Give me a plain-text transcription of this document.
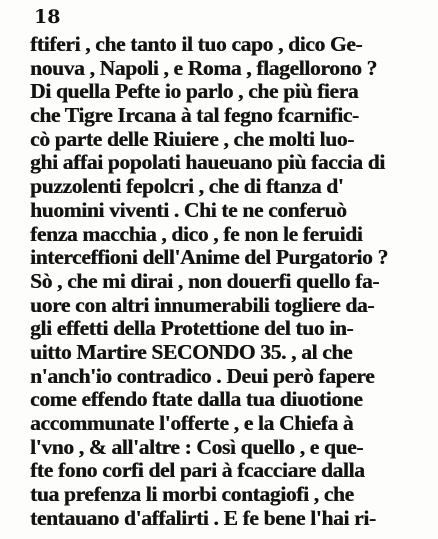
18
ftiferi , che tanto il tuo capo , dico Ge-
nouva , Napoli , e Roma , flagellorono ?
Di quella Pefte io parlo , che più fiera
che Tigre Ircana à tal fegno fcarnific-
cò parte delle Riuiere , che molti luo-
ghi affai popolati haueuano più faccia di
puzzolenti fepolcri , che di ftanza d'
huomini viventi . Chi te ne conferuò
fenza macchia , dico , fe non le feruidi
interceffioni dell'Anime del Purgatorio ?
Sò , che mi dirai , non douerfi quello fa-
uore con altri innumerabili togliere da-
gli effetti della Protettione del tuo in-
uitto Martire SECONDO 35. , al che
n'anch'io contradico . Deui però fapere
come effendo ftate dalla tua diuotione
accommunate l'offerte , e la Chiefa à
l'vno , & all'altre : Così quello , e que-
fte fono corfi del pari à fcacciare dalla
tua prefenza li morbi contagiofi , che
tentauano d'affalirti . E fe bene l'hai ri-
